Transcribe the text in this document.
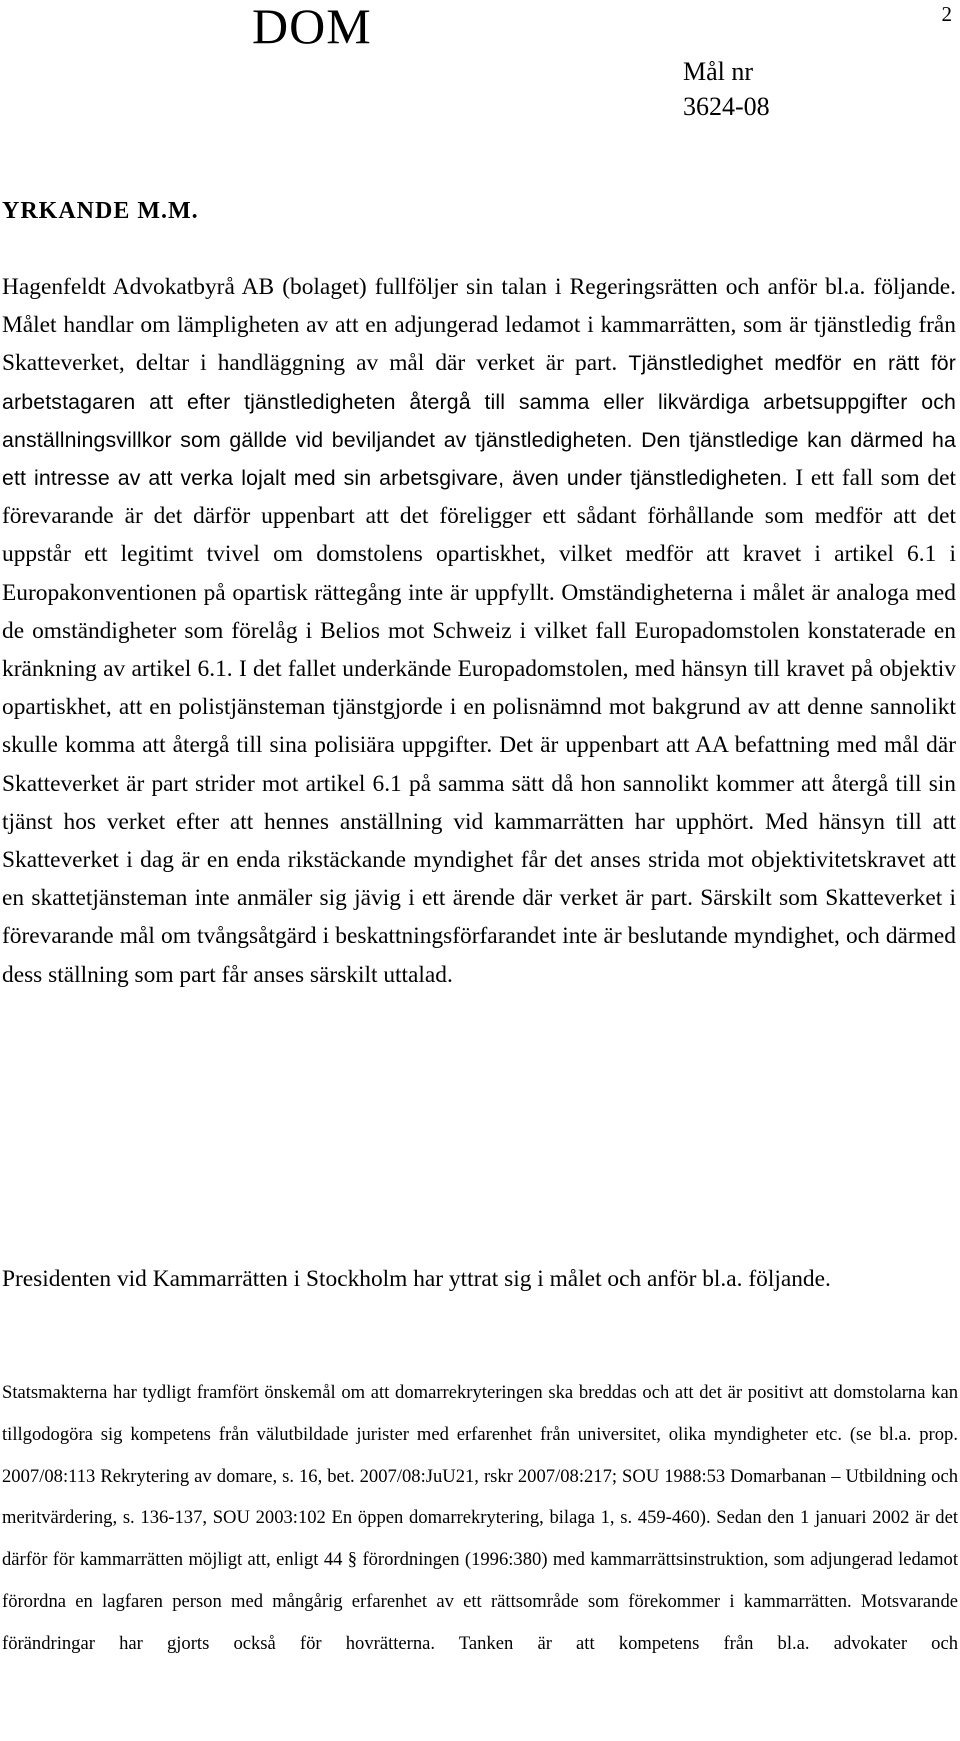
DOM	2
Mål nr
3624-08
YRKANDE M.M.

Hagenfeldt Advokatbyrå AB (bolaget) fullföljer sin talan i Regeringsrätten och anför bl.a. följande. Målet handlar om lämpligheten av att en adjungerad ledamot i kammarrätten, som är tjänstledig från Skatteverket, deltar i handläggning av mål där verket är part. Tjänstledighet medför en rätt för arbetstagaren att efter tjänstledigheten återgå till samma eller likvärdiga arbetsuppgifter och anställningsvillkor som gällde vid beviljandet av tjänstledigheten. Den tjänstledige kan därmed ha ett intresse av att verka lojalt med sin arbetsgivare, även under tjänstledigheten. I ett fall som det förevarande är det därför uppenbart att det föreligger ett sådant förhållande som medför att det uppstår ett legitimt tvivel om domstolens opartiskhet, vilket medför att kravet i artikel 6.1 i Europakonventionen på opartisk rättegång inte är uppfyllt. Omständigheterna i målet är analoga med de omständigheter som förelåg i Belios mot Schweiz i vilket fall Europadomstolen konstaterade en kränkning av artikel 6.1. I det fallet underkände Europadomstolen, med hänsyn till kravet på objektiv opartiskhet, att en polistjänsteman tjänstgjorde i en polisnämnd mot bakgrund av att denne sannolikt skulle komma att återgå till sina polisiära uppgifter. Det är uppenbart att AA befattning med mål där Skatteverket är part strider mot artikel 6.1 på samma sätt då hon sannolikt kommer att återgå till sin tjänst hos verket efter att hennes anställning vid kammarrätten har upphört. Med hänsyn till att Skatteverket i dag är en enda rikstäckande myndighet får det anses strida mot objektivitetskravet att en skattetjänsteman inte anmäler sig jävig i ett ärende där verket är part. Särskilt som Skatteverket i förevarande mål om tvångsåtgärd i beskattningsförfarandet inte är beslutande myndighet, och därmed dess ställning som part får anses särskilt uttalad.

Presidenten vid Kammarrätten i Stockholm har yttrat sig i målet och anför bl.a. följande.

Statsmakterna har tydligt framfört önskemål om att domarrekryteringen ska breddas och att det är positivt att domstolarna kan tillgodogöra sig kompetens från välutbildade jurister med erfarenhet från universitet, olika myndigheter etc. (se bl.a. prop. 2007/08:113 Rekrytering av domare, s. 16, bet. 2007/08:JuU21, rskr 2007/08:217; SOU 1988:53 Domarbanan – Utbildning och meritvärdering, s. 136-137, SOU 2003:102 En öppen domarrekrytering, bilaga 1, s. 459-460). Sedan den 1 januari 2002 är det därför för kammarrätten möjligt att, enligt 44 § förordningen (1996:380) med kammarrättsinstruktion, som adjungerad ledamot förordna en lagfaren person med mångårig erfarenhet av ett rättsområde som förekommer i kammarrätten. Motsvarande förändringar har gjorts också för hovrätterna. Tanken är att kompetens från bl.a. advokater och
